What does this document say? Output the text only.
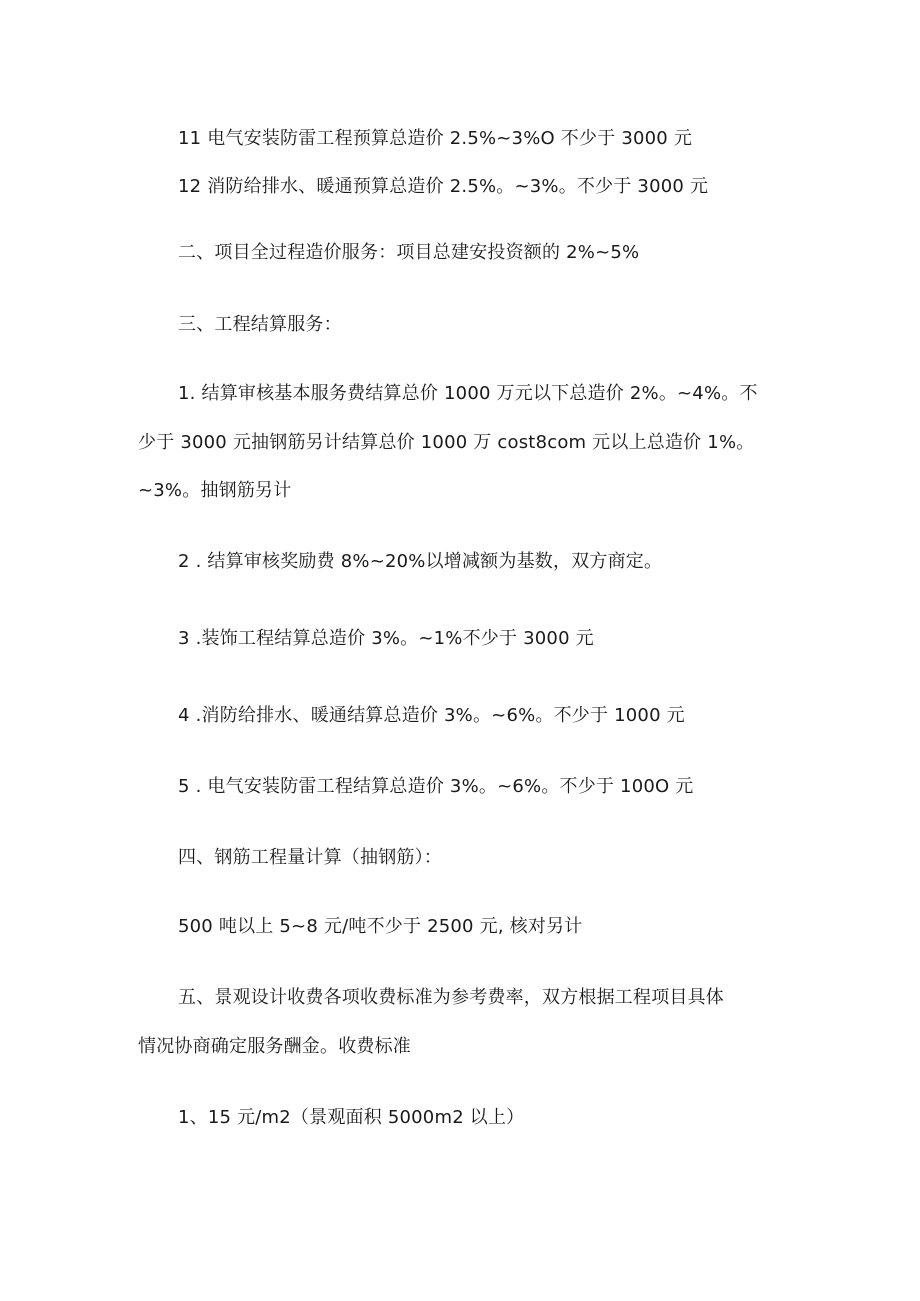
11 电气安装防雷工程预算总造价 2.5%~3%O 不少于 3000 元
12 消防给排水、暖通预算总造价 2.5%。~3%。不少于 3000 元
二、项目全过程造价服务：项目总建安投资额的 2%~5%
三、工程结算服务：
1. 结算审核基本服务费结算总价 1000 万元以下总造价 2%。~4%。不
少于 3000 元抽钢筋另计结算总价 1000 万 cost8com 元以上总造价 1%。
~3%。抽钢筋另计
2 . 结算审核奖励费 8%~20%以增减额为基数，双方商定。
3 .装饰工程结算总造价 3%。~1%不少于 3000 元
4 .消防给排水、暖通结算总造价 3%。~6%。不少于 1000 元
5 . 电气安装防雷工程结算总造价 3%。~6%。不少于 100O 元
四、钢筋工程量计算（抽钢筋）：
500 吨以上 5~8 元/吨不少于 2500 元, 核对另计
五、景观设计收费各项收费标准为参考费率，双方根据工程项目具体
情况协商确定服务酬金。收费标准
1、15 元/m2（景观面积 5000m2 以上）
